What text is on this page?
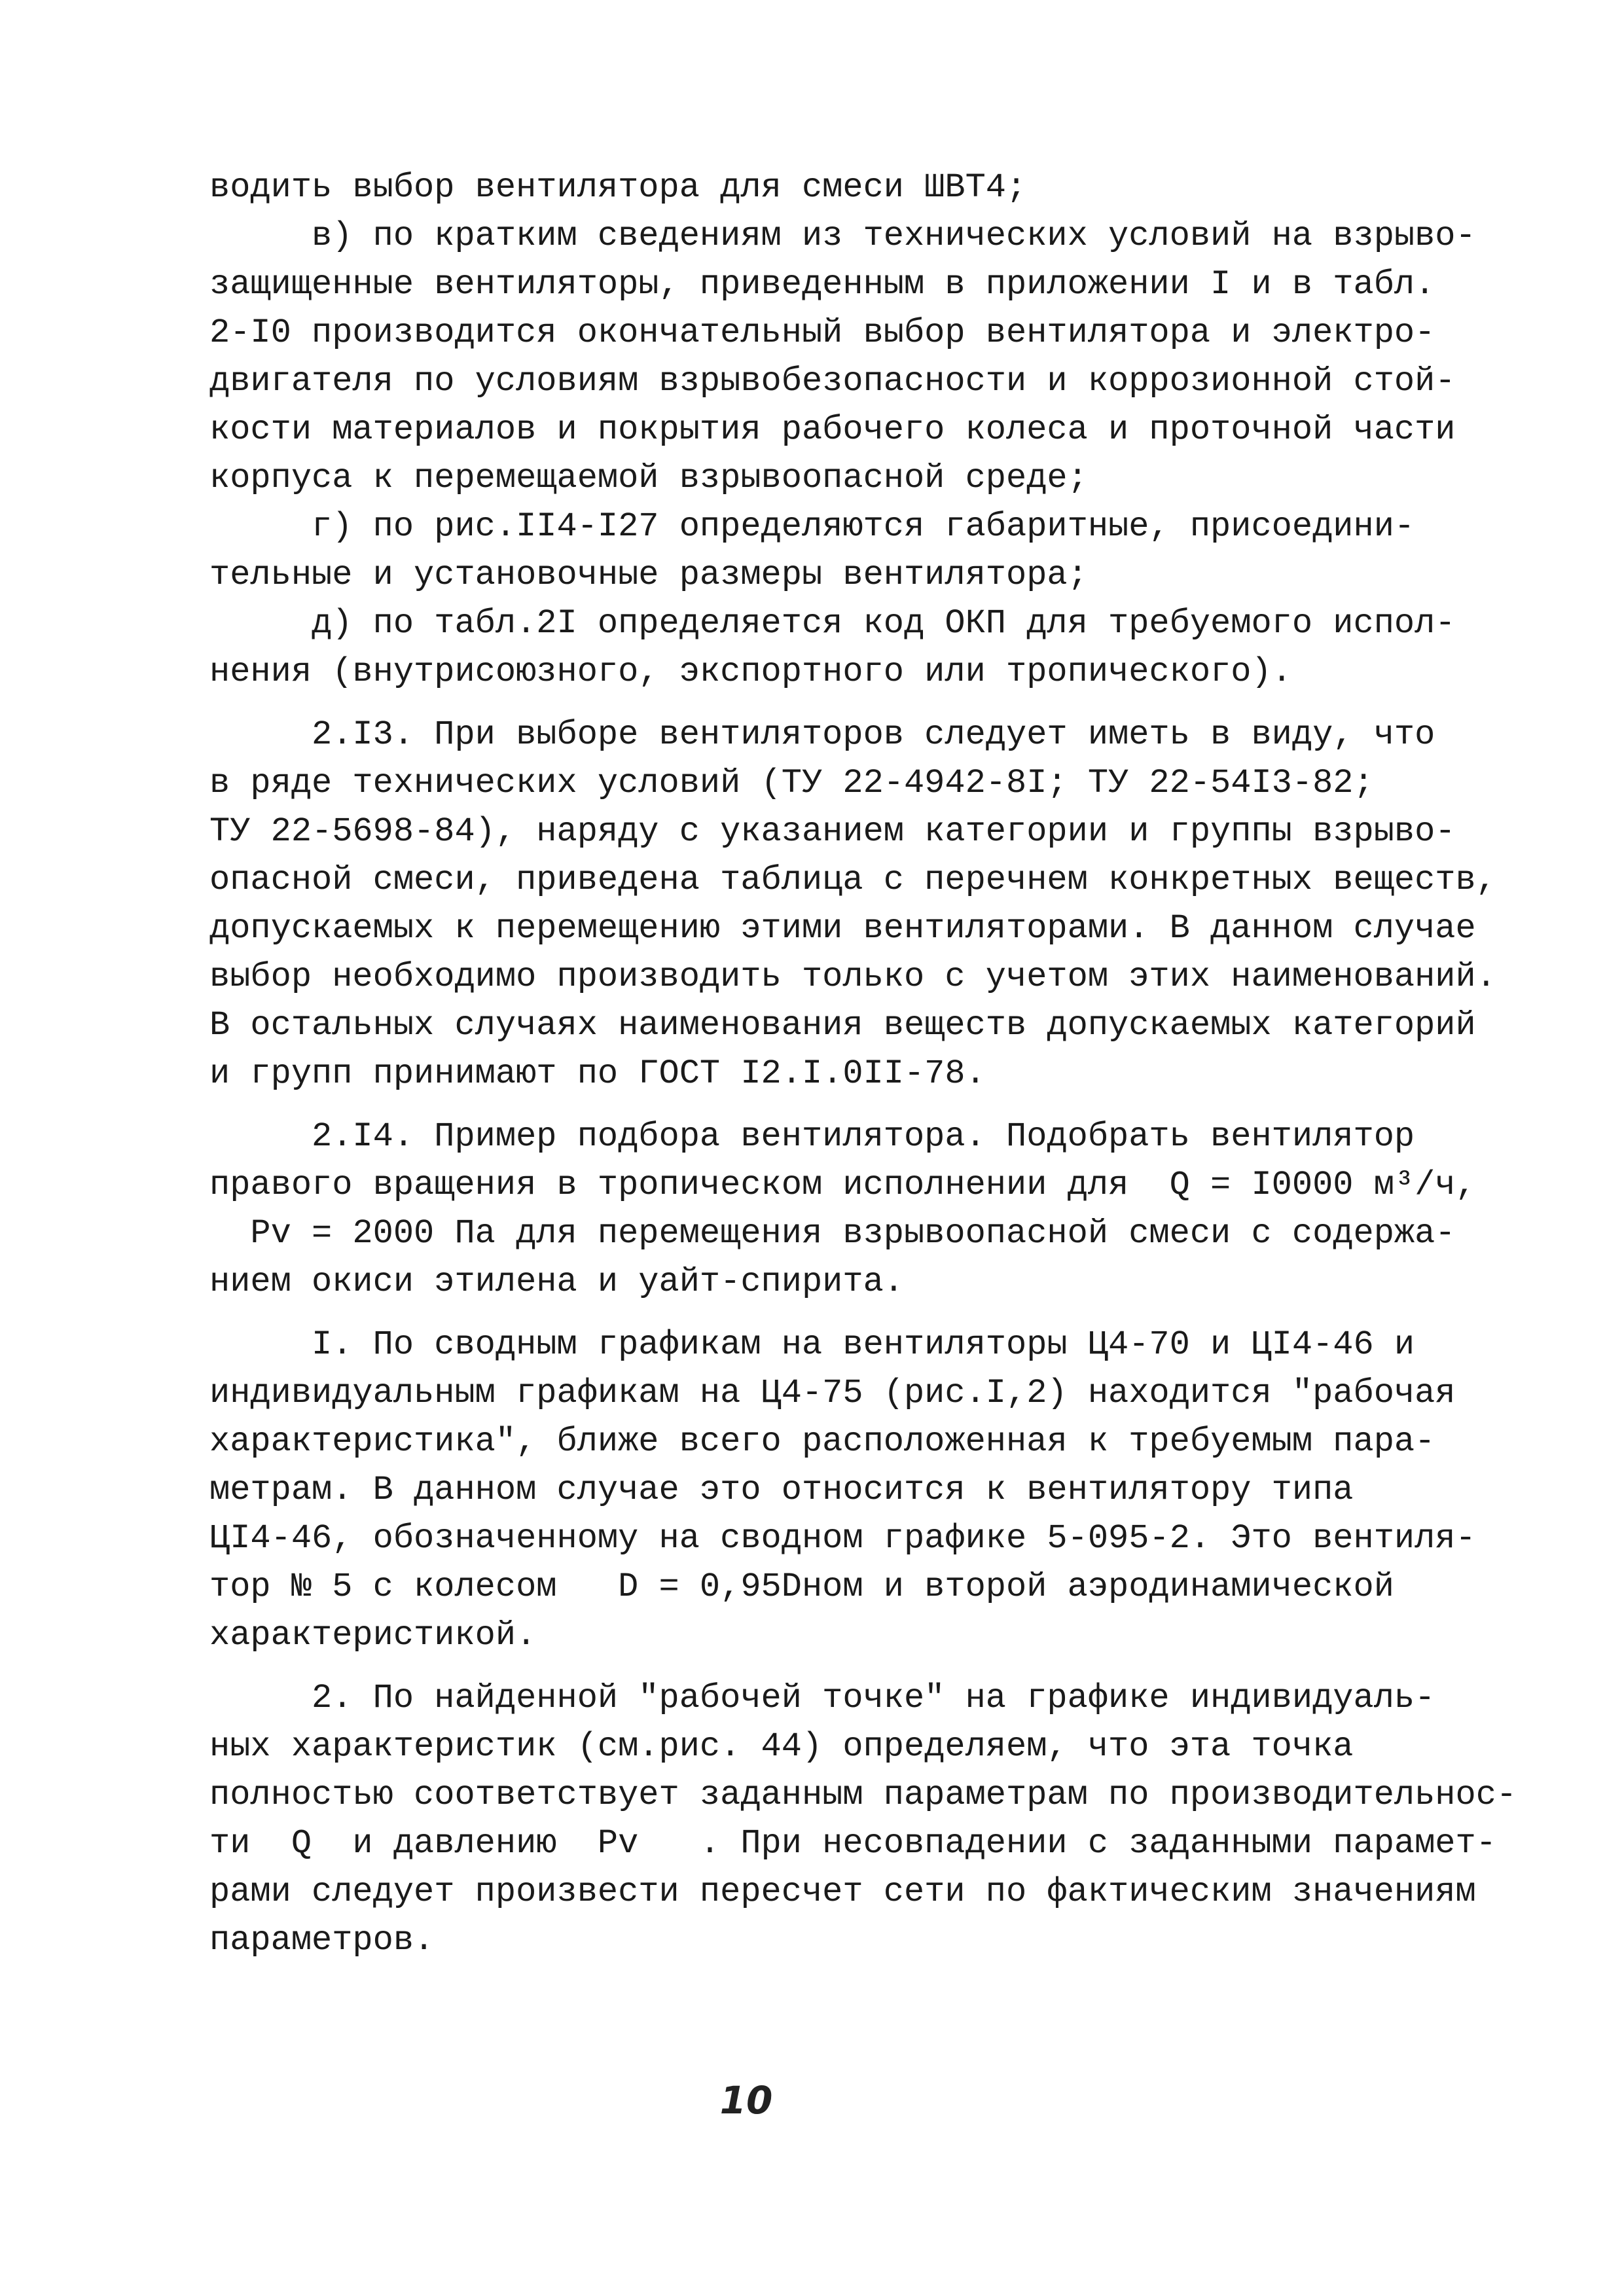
водить выбор вентилятора для смеси ШВТ4;
в) по кратким сведениям из технических условий на взрыво-
защищенные вентиляторы, приведенным в приложении I и в табл.
2-I0 производится окончательный выбор вентилятора и электро-
двигателя по условиям взрывобезопасности и коррозионной стой-
кости материалов и покрытия рабочего колеса и проточной части
корпуса к перемещаемой взрывоопасной среде;
г) по рис.II4-I27 определяются габаритные, присоедини-
тельные и установочные размеры вентилятора;
д) по табл.2I определяется код ОКП для требуемого испол-
нения (внутрисоюзного, экспортного или тропического).
2.I3. При выборе вентиляторов следует иметь в виду, что
в ряде технических условий (ТУ 22-4942-8I; ТУ 22-54I3-82;
ТУ 22-5698-84), наряду с указанием категории и группы взрыво-
опасной смеси, приведена таблица с перечнем конкретных веществ,
допускаемых к перемещению этими вентиляторами. В данном случае
выбор необходимо производить только с учетом этих наименований.
В остальных случаях наименования веществ допускаемых категорий
и групп принимают по ГОСТ I2.I.0II-78.
2.I4. Пример подбора вентилятора. Подобрать вентилятор
правого вращения в тропическом исполнении для  Q = I0000 м³/ч,
Pv = 2000 Па для перемещения взрывоопасной смеси с содержа-
нием окиси этилена и уайт-спирита.
I. По сводным графикам на вентиляторы Ц4-70 и ЦI4-46 и
индивидуальным графикам на Ц4-75 (рис.I,2) находится "рабочая
характеристика", ближе всего расположенная к требуемым пара-
метрам. В данном случае это относится к вентилятору типа
ЦI4-46, обозначенному на сводном графике 5-095-2. Это вентиля-
тор № 5 с колесом   D = 0,95Dном и второй аэродинамической
характеристикой.
2. По найденной "рабочей точке" на графике индивидуаль-
ных характеристик (см.рис. 44) определяем, что эта точка
полностью соответствует заданным параметрам по производительнос-
ти  Q  и давлению  Pv   . При несовпадении с заданными парамет-
рами следует произвести пересчет сети по фактическим значениям
параметров.
10
